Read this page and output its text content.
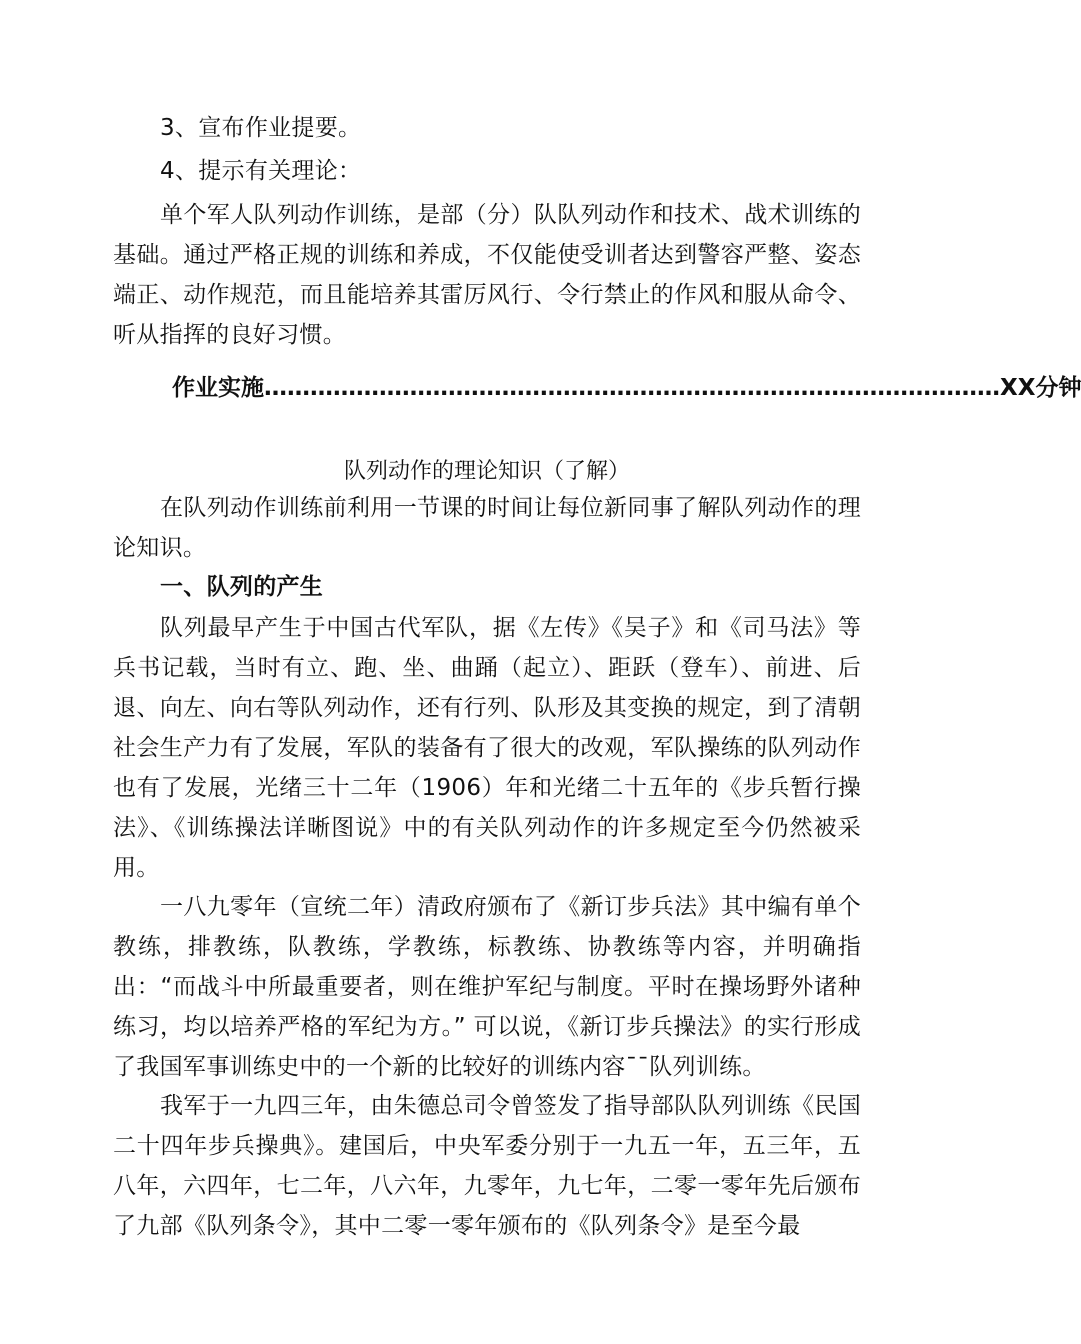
3、宣布作业提要。

4、提示有关理论：

单个军人队列动作训练，是部（分）队队列动作和技术、战术训练的基础。通过严格正规的训练和养成，不仅能使受训者达到警容严整、姿态端正、动作规范，而且能培养其雷厉风行、令行禁止的作风和服从命令、听从指挥的良好习惯。

作业实施 …………………………………………………………………………………… XX分钟

队列动作的理论知识（了解）

在队列动作训练前利用一节课的时间让每位新同事了解队列动作的理论知识。

一、队列的产生

队列最早产生于中国古代军队，据《左传》《吴子》和《司马法》等兵书记载，当时有立、跑、坐、曲踊（起立）、距跃（登车）、前进、后退、向左、向右等队列动作，还有行列、队形及其变换的规定，到了清朝社会生产力有了发展，军队的装备有了很大的改观，军队操练的队列动作也有了发展，光绪三十二年（1906）年和光绪二十五年的《步兵暂行操法》、《训练操法详晰图说》中的有关队列动作的许多规定至今仍然被采用。

一八九零年（宣统二年）清政府颁布了《新订步兵法》其中编有单个教练，排教练，队教练，学教练，标教练、协教练等内容，并明确指出：“而战斗中所最重要者，则在维护军纪与制度。平时在操场野外诸种练习，均以培养严格的军纪为方。” 可以说，《新订步兵操法》的实行形成了我国军事训练史中的一个新的比较好的训练内容¯¯队列训练。

我军于一九四三年，由朱德总司令曾签发了指导部队队列训练《民国二十四年步兵操典》。建国后，中央军委分别于一九五一年，五三年，五八年，六四年，七二年，八六年，九零年，九七年，二零一零年先后颁布了九部《队列条令》，其中二零一零年颁布的《队列条令》是至今最
